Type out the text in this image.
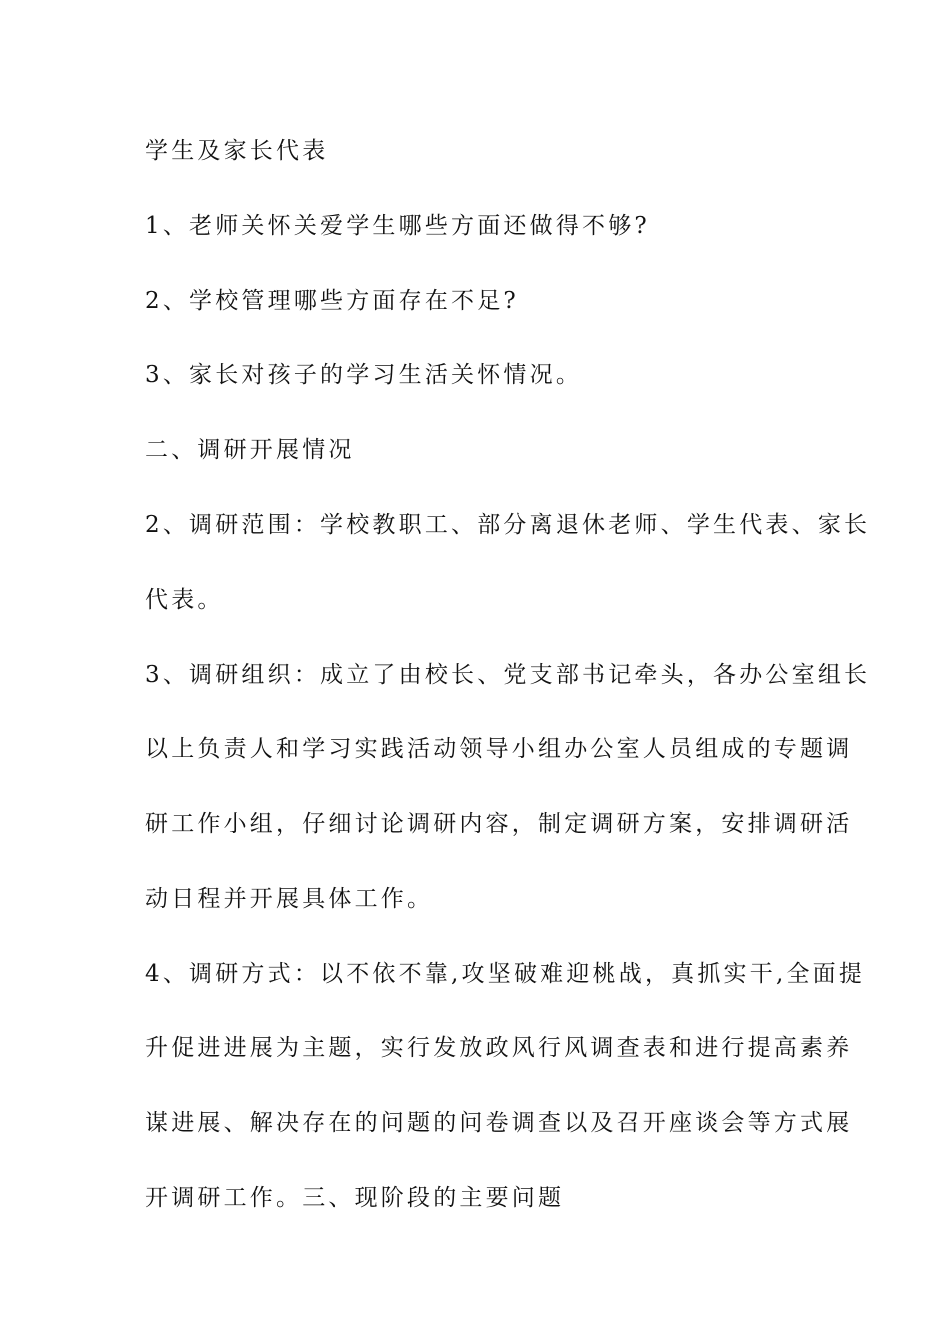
学生及家长代表
1、老师关怀关爱学生哪些方面还做得不够?
2、学校管理哪些方面存在不足?
3、家长对孩子的学习生活关怀情况。
二、调研开展情况
2、调研范围：学校教职工、部分离退休老师、学生代表、家长
代表。
3、调研组织：成立了由校长、党支部书记牵头，各办公室组长
以上负责人和学习实践活动领导小组办公室人员组成的专题调
研工作小组，仔细讨论调研内容，制定调研方案，安排调研活
动日程并开展具体工作。
4、调研方式：以不依不靠,攻坚破难迎桃战，真抓实干,全面提
升促进进展为主题，实行发放政风行风调查表和进行提高素养
谋进展、解决存在的问题的问卷调查以及召开座谈会等方式展
开调研工作。三、现阶段的主要问题
